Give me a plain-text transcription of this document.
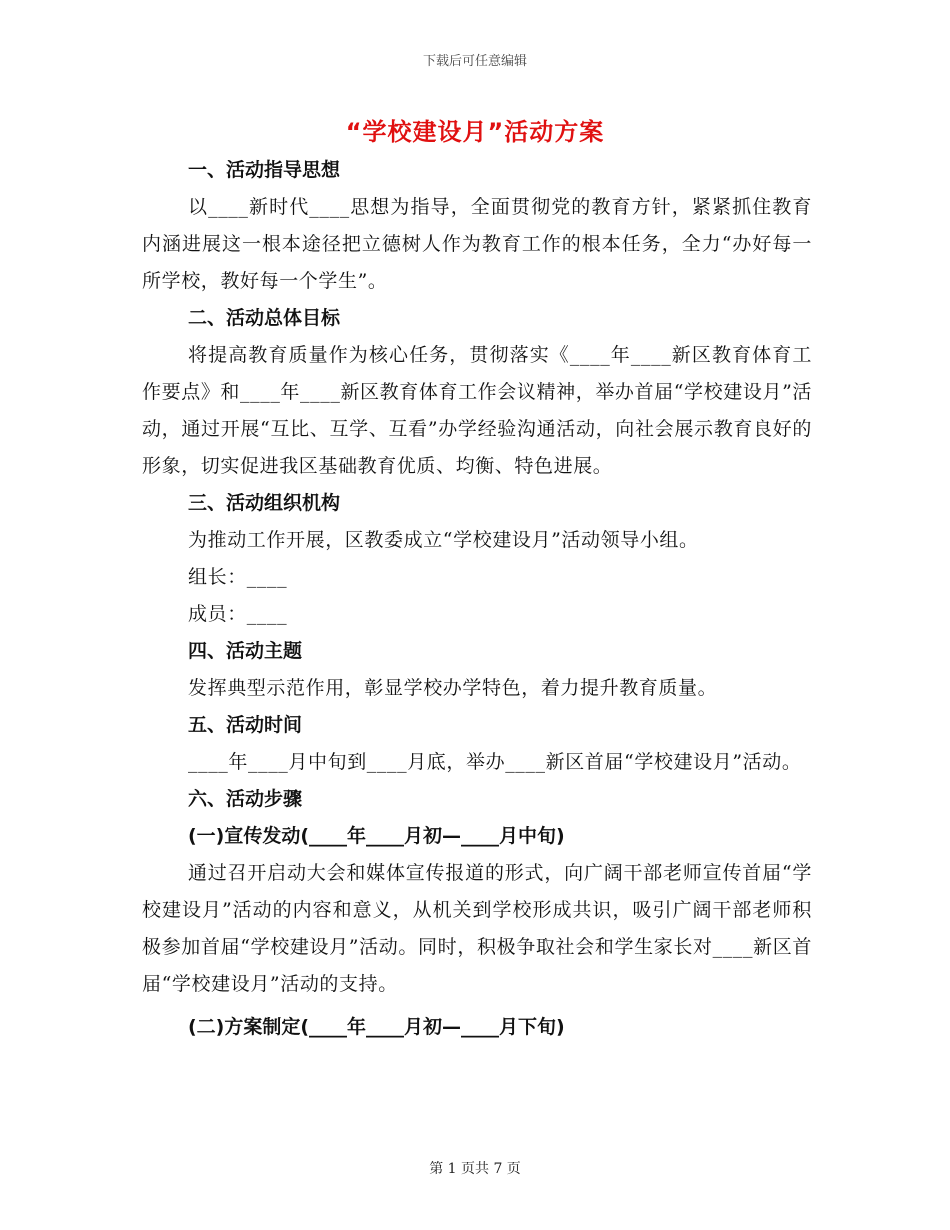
下载后可任意编辑
“学校建设月”活动方案

一、活动指导思想

以____新时代____思想为指导，全面贯彻党的教育方针，紧紧抓住教育内涵进展这一根本途径把立德树人作为教育工作的根本任务，全力“办好每一所学校，教好每一个学生”。

二、活动总体目标

将提高教育质量作为核心任务，贯彻落实《____年____新区教育体育工作要点》和____年____新区教育体育工作会议精神，举办首届“学校建设月”活动，通过开展“互比、互学、互看”办学经验沟通活动，向社会展示教育良好的形象，切实促进我区基础教育优质、均衡、特色进展。

三、活动组织机构

为推动工作开展，区教委成立“学校建设月”活动领导小组。

组长：____

成员：____

四、活动主题

发挥典型示范作用，彰显学校办学特色，着力提升教育质量。

五、活动时间

____年____月中旬到____月底，举办____新区首届“学校建设月”活动。

六、活动步骤

(一)宣传发动(____年____月初—____月中旬)

通过召开启动大会和媒体宣传报道的形式，向广阔干部老师宣传首届“学校建设月”活动的内容和意义，从机关到学校形成共识，吸引广阔干部老师积极参加首届“学校建设月”活动。同时，积极争取社会和学生家长对____新区首届“学校建设月”活动的支持。

(二)方案制定(____年____月初—____月下旬)

第 1 页共 7 页
